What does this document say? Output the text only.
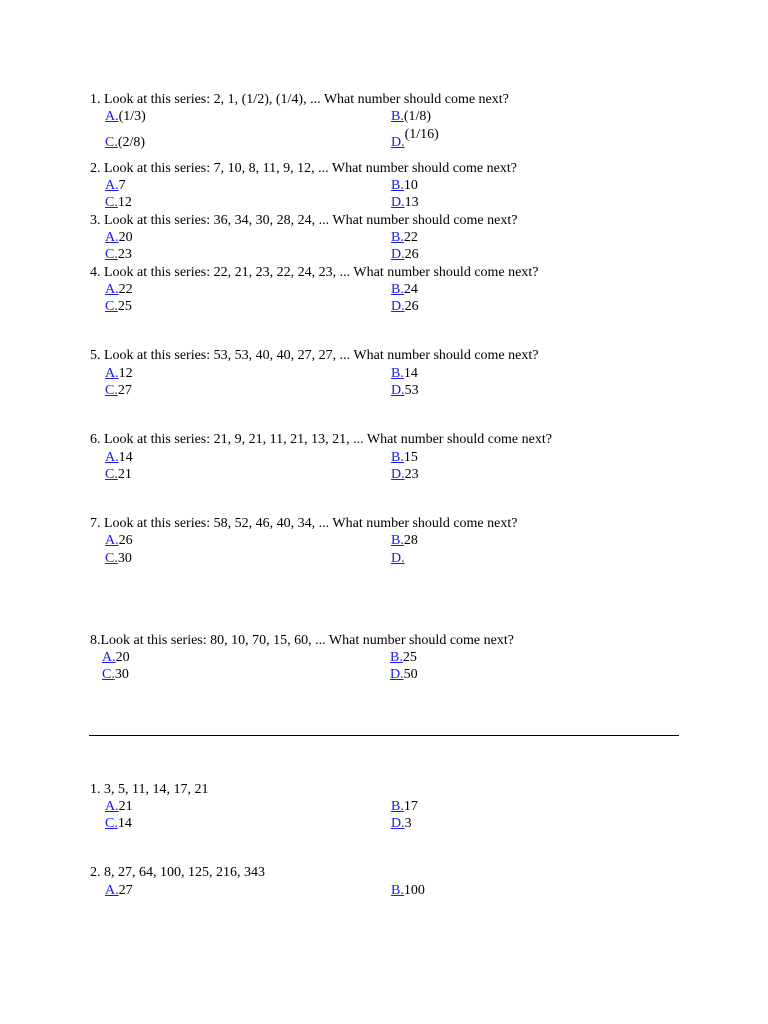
1. Look at this series: 2, 1, (1/2), (1/4), ... What number should come next?
A.(1/3)	B.(1/8)
C.(2/8)	D.(1/16)
2. Look at this series: 7, 10, 8, 11, 9, 12, ... What number should come next?
A.7	B.10
C.12	D.13
3. Look at this series: 36, 34, 30, 28, 24, ... What number should come next?
A.20	B.22
C.23	D.26
4. Look at this series: 22, 21, 23, 22, 24, 23, ... What number should come next?
A.22	B.24
C.25	D.26
5. Look at this series: 53, 53, 40, 40, 27, 27, ... What number should come next?
A.12	B.14
C.27	D.53
6. Look at this series: 21, 9, 21, 11, 21, 13, 21, ... What number should come next?
A.14	B.15
C.21	D.23
7. Look at this series: 58, 52, 46, 40, 34, ... What number should come next?
A.26	B.28
C.30	D.
8.Look at this series: 80, 10, 70, 15, 60, ... What number should come next?
A.20	B.25
C.30	D.50
1. 3, 5, 11, 14, 17, 21
A.21	B.17
C.14	D.3
2. 8, 27, 64, 100, 125, 216, 343
A.27	B.100
